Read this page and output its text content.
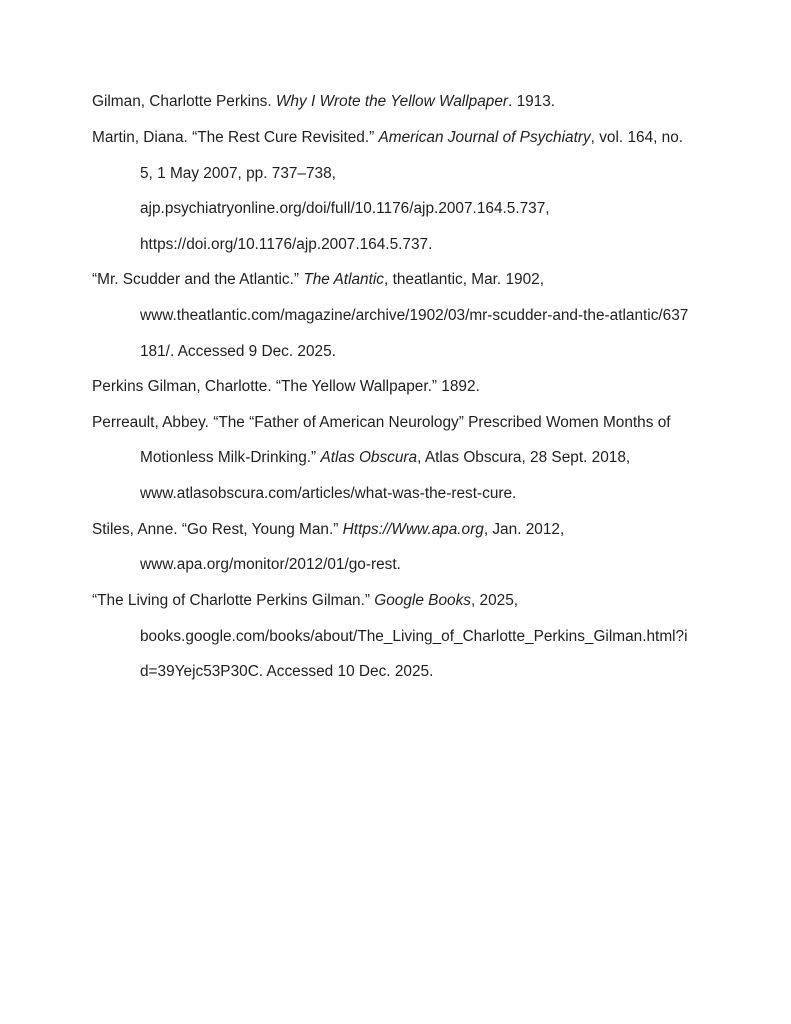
Gilman, Charlotte Perkins. Why I Wrote the Yellow Wallpaper. 1913.
Martin, Diana. “The Rest Cure Revisited.” American Journal of Psychiatry, vol. 164, no.
5, 1 May 2007, pp. 737–738,
ajp.psychiatryonline.org/doi/full/10.1176/ajp.2007.164.5.737,
https://doi.org/10.1176/ajp.2007.164.5.737.
“Mr. Scudder and the Atlantic.” The Atlantic, theatlantic, Mar. 1902,
www.theatlantic.com/magazine/archive/1902/03/mr-scudder-and-the-atlantic/637
181/. Accessed 9 Dec. 2025.
Perkins Gilman, Charlotte. “The Yellow Wallpaper.” 1892.
Perreault, Abbey. “The “Father of American Neurology” Prescribed Women Months of
Motionless Milk-Drinking.” Atlas Obscura, Atlas Obscura, 28 Sept. 2018,
www.atlasobscura.com/articles/what-was-the-rest-cure.
Stiles, Anne. “Go Rest, Young Man.” Https://Www.apa.org, Jan. 2012,
www.apa.org/monitor/2012/01/go-rest.
“The Living of Charlotte Perkins Gilman.” Google Books, 2025,
books.google.com/books/about/The_Living_of_Charlotte_Perkins_Gilman.html?i
d=39Yejc53P30C. Accessed 10 Dec. 2025.
